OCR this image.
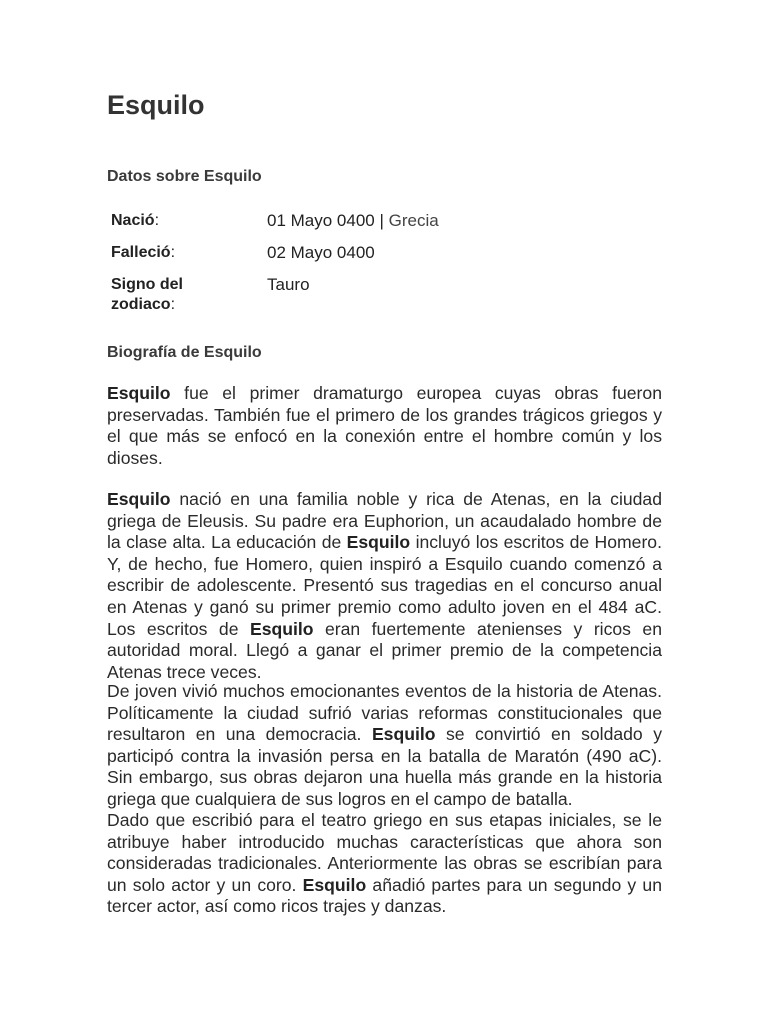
Esquilo
Datos sobre Esquilo
Nació:	01 Mayo 0400 | Grecia
Falleció:	02 Mayo 0400
Signo del zodiaco:
Tauro
Biografía de Esquilo

Esquilo fue el primer dramaturgo europea cuyas obras fueron preservadas. También fue el primero de los grandes trágicos griegos y el que más se enfocó en la conexión entre el hombre común y los dioses.

Esquilo nació en una familia noble y rica de Atenas, en la ciudad griega de Eleusis. Su padre era Euphorion, un acaudalado hombre de la clase alta. La educación de Esquilo incluyó los escritos de Homero. Y, de hecho, fue Homero, quien inspiró a Esquilo cuando comenzó a escribir de adolescente. Presentó sus tragedias en el concurso anual en Atenas y ganó su primer premio como adulto joven en el 484 aC. Los escritos de Esquilo eran fuertemente atenienses y ricos en autoridad moral. Llegó a ganar el primer premio de la competencia Atenas trece veces.

De joven vivió muchos emocionantes eventos de la historia de Atenas. Políticamente la ciudad sufrió varias reformas constitucionales que resultaron en una democracia. Esquilo se convirtió en soldado y participó contra la invasión persa en la batalla de Maratón (490 aC). Sin embargo, sus obras dejaron una huella más grande en la historia griega que cualquiera de sus logros en el campo de batalla.

Dado que escribió para el teatro griego en sus etapas iniciales, se le atribuye haber introducido muchas características que ahora son consideradas tradicionales. Anteriormente las obras se escribían para un solo actor y un coro. Esquilo añadió partes para un segundo y un tercer actor, así como ricos trajes y danzas.
